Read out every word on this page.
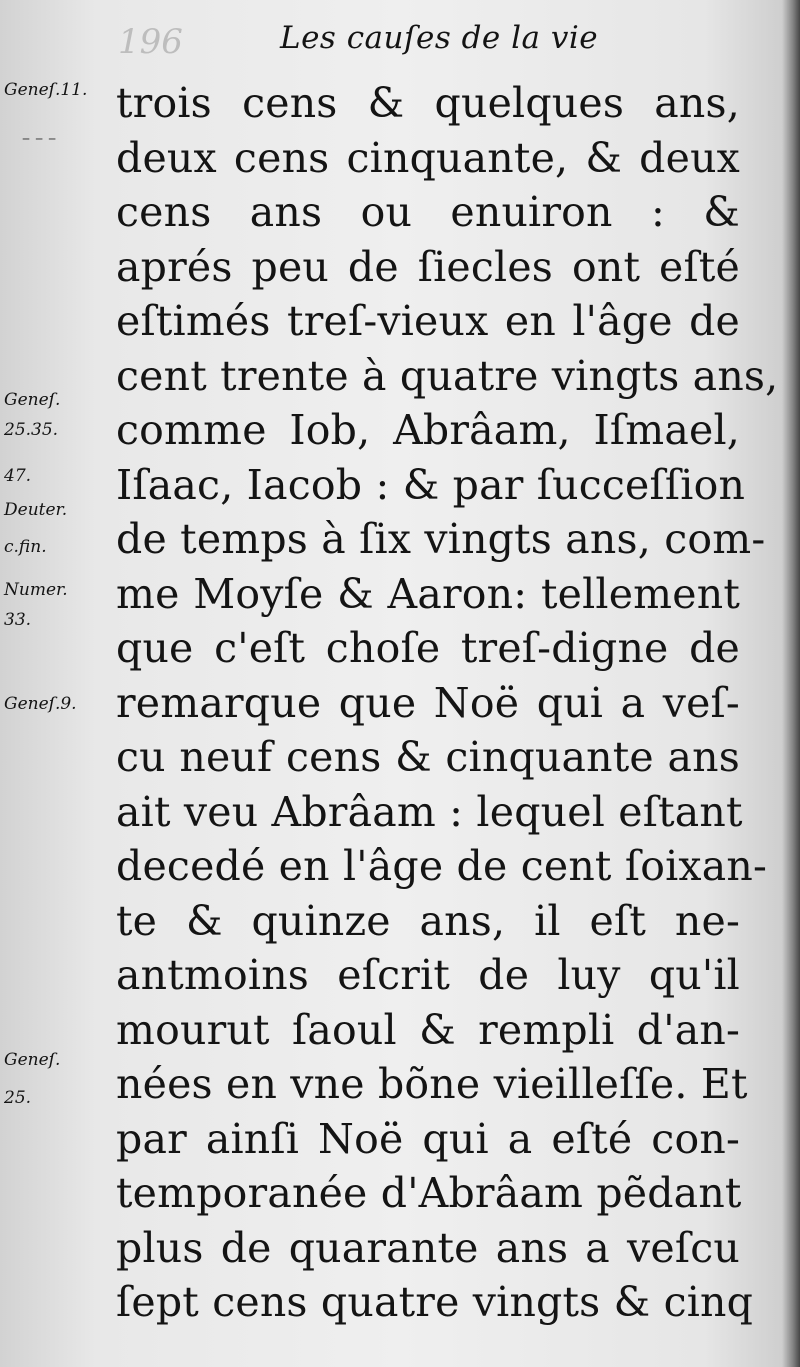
196	Les cauſes de la vie
Geneſ.11.
– – –
Geneſ.
25.35.
47.
Deuter.
c.fin.
Numer.
33.
Geneſ.9.
Geneſ.
25.
trois cens & quelques ans,
deux cens cinquante, & deux
cens ans ou enuiron : &
aprés peu de ſiecles ont eſté
eſtimés treſ-vieux en l'âge de
cent trente à quatre vingts ans,
comme Iob, Abrâam, Iſmael,
Iſaac, Iacob : & par ſucceſſion
de temps à ſix vingts ans, com-
me Moyſe & Aaron: tellement
que c'eſt choſe treſ-digne de
remarque que Noë qui a veſ-
cu neuf cens & cinquante ans
ait veu Abrâam : lequel eſtant
decedé en l'âge de cent ſoixan-
te & quinze ans, il eſt ne-
antmoins eſcrit de luy qu'il
mourut ſaoul & rempli d'an-
nées en vne bõne vieilleſſe. Et
par ainſi Noë qui a eſté con-
temporanée d'Abrâam pẽdant
plus de quarante ans a veſcu
ſept cens quatre vingts & cinq
